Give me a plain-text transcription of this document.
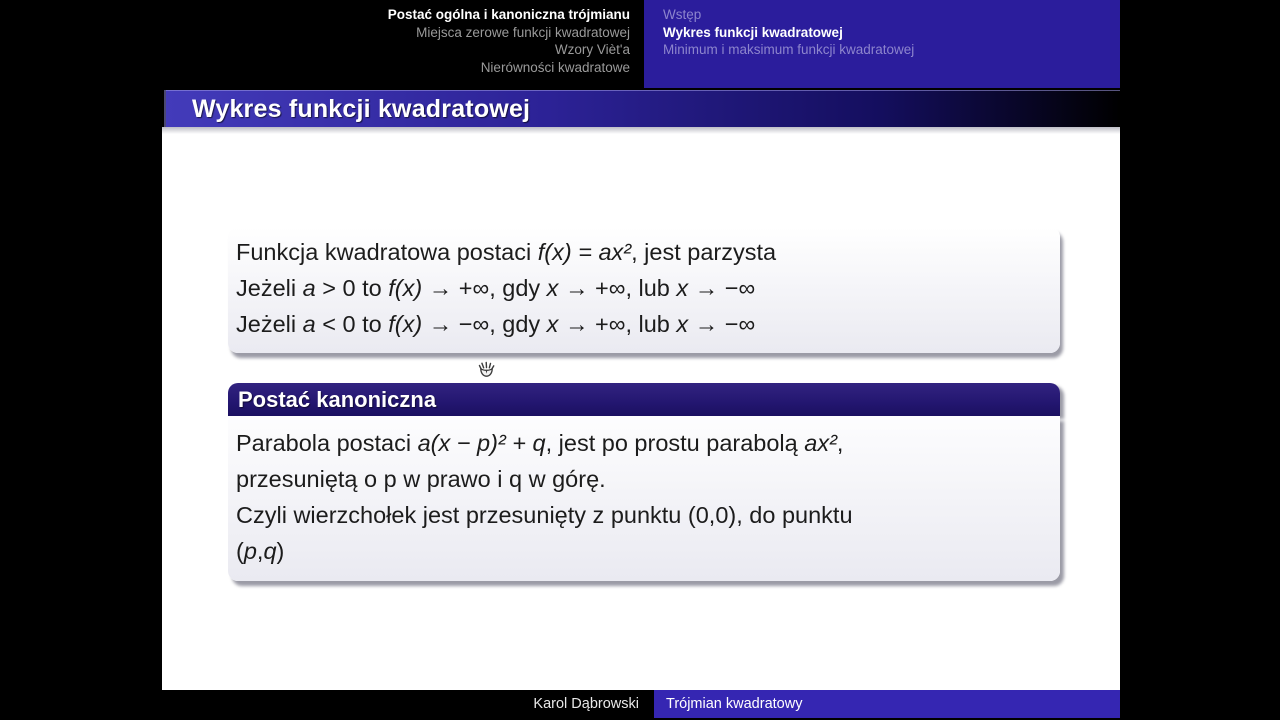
Postać ogólna i kanoniczna trójmianu
Miejsca zerowe funkcji kwadratowej
Wzory Vièt'a
Nierówności kwadratowe
Wstęp
Wykres funkcji kwadratowej
Minimum i maksimum funkcji kwadratowej
Wykres funkcji kwadratowej
Funkcja kwadratowa postaci f(x) = ax², jest parzysta
Jeżeli a > 0 to f(x) → +∞, gdy x → +∞, lub x → −∞
Jeżeli a < 0 to f(x) → −∞, gdy x → +∞, lub x → −∞
Postać kanoniczna
Parabola postaci a(x − p)² + q, jest po prostu parabolą ax²,
przesuniętą o p w prawo i q w górę.
Czyli wierzchołek jest przesunięty z punktu (0,0), do punktu
(p,q)
Karol Dąbrowski	Trójmian kwadratowy
